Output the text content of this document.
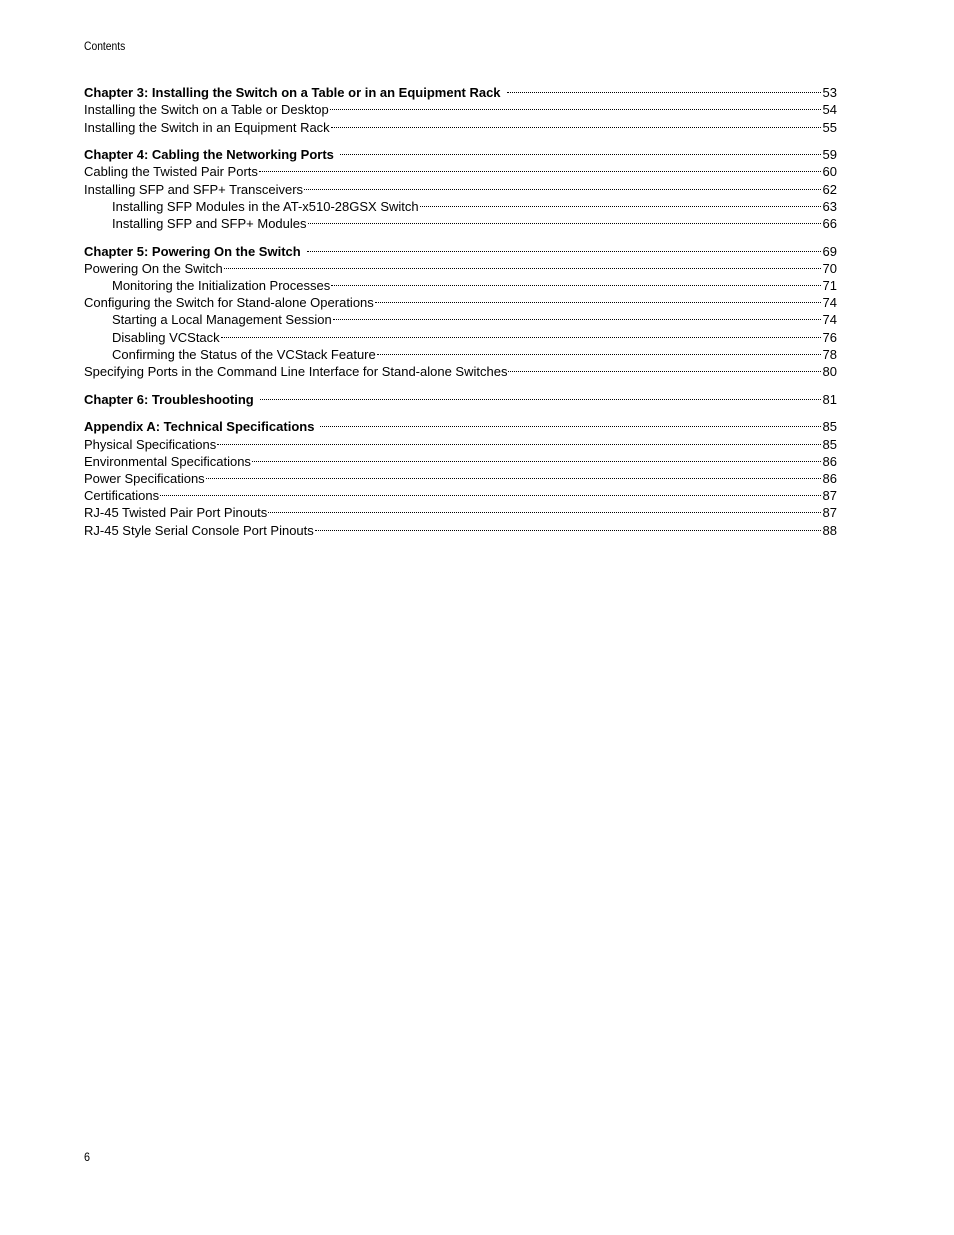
Contents
Chapter 3: Installing the Switch on a Table or in an Equipment Rack	53
Installing the Switch on a Table or Desktop	54
Installing the Switch in an Equipment Rack	55
Chapter 4: Cabling the Networking Ports	59
Cabling the Twisted Pair Ports	60
Installing SFP and SFP+ Transceivers	62
Installing SFP Modules in the AT-x510-28GSX Switch	63
Installing SFP and SFP+ Modules	66
Chapter 5: Powering On the Switch	69
Powering On the Switch	70
Monitoring the Initialization Processes	71
Configuring the Switch for Stand-alone Operations	74
Starting a Local Management Session	74
Disabling VCStack	76
Confirming the Status of the VCStack Feature	78
Specifying Ports in the Command Line Interface for Stand-alone Switches	80
Chapter 6: Troubleshooting	81
Appendix A: Technical Specifications	85
Physical Specifications	85
Environmental Specifications	86
Power Specifications	86
Certifications	87
RJ-45 Twisted Pair Port Pinouts	87
RJ-45 Style Serial Console Port Pinouts	88
6
